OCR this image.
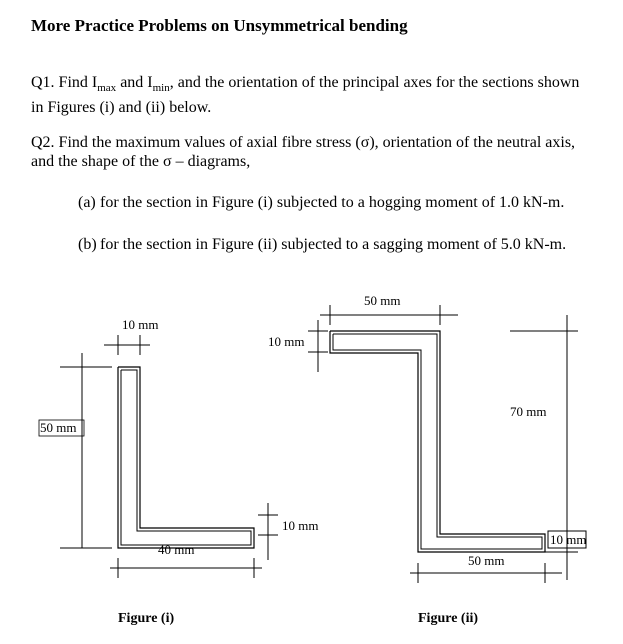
More Practice Problems on Unsymmetrical bending
Q1. Find $I_{max}$ and $I_{min}$, and the orientation of the principal axes for the sections shown in Figures (i) and (ii) below.
Q2. Find the maximum values of axial fibre stress (σ), orientation of the neutral axis, and the shape of the σ – diagrams,
(a) for the section in Figure (i) subjected to a hogging moment of 1.0 kN-m.
(b) for the section in Figure (ii) subjected to a sagging moment of 5.0 kN-m.
10 mm
50 mm
10 mm
10 mm
40 mm
50 mm
70 mm
10 mm
50 mm
Figure (i)	Figure (ii)
